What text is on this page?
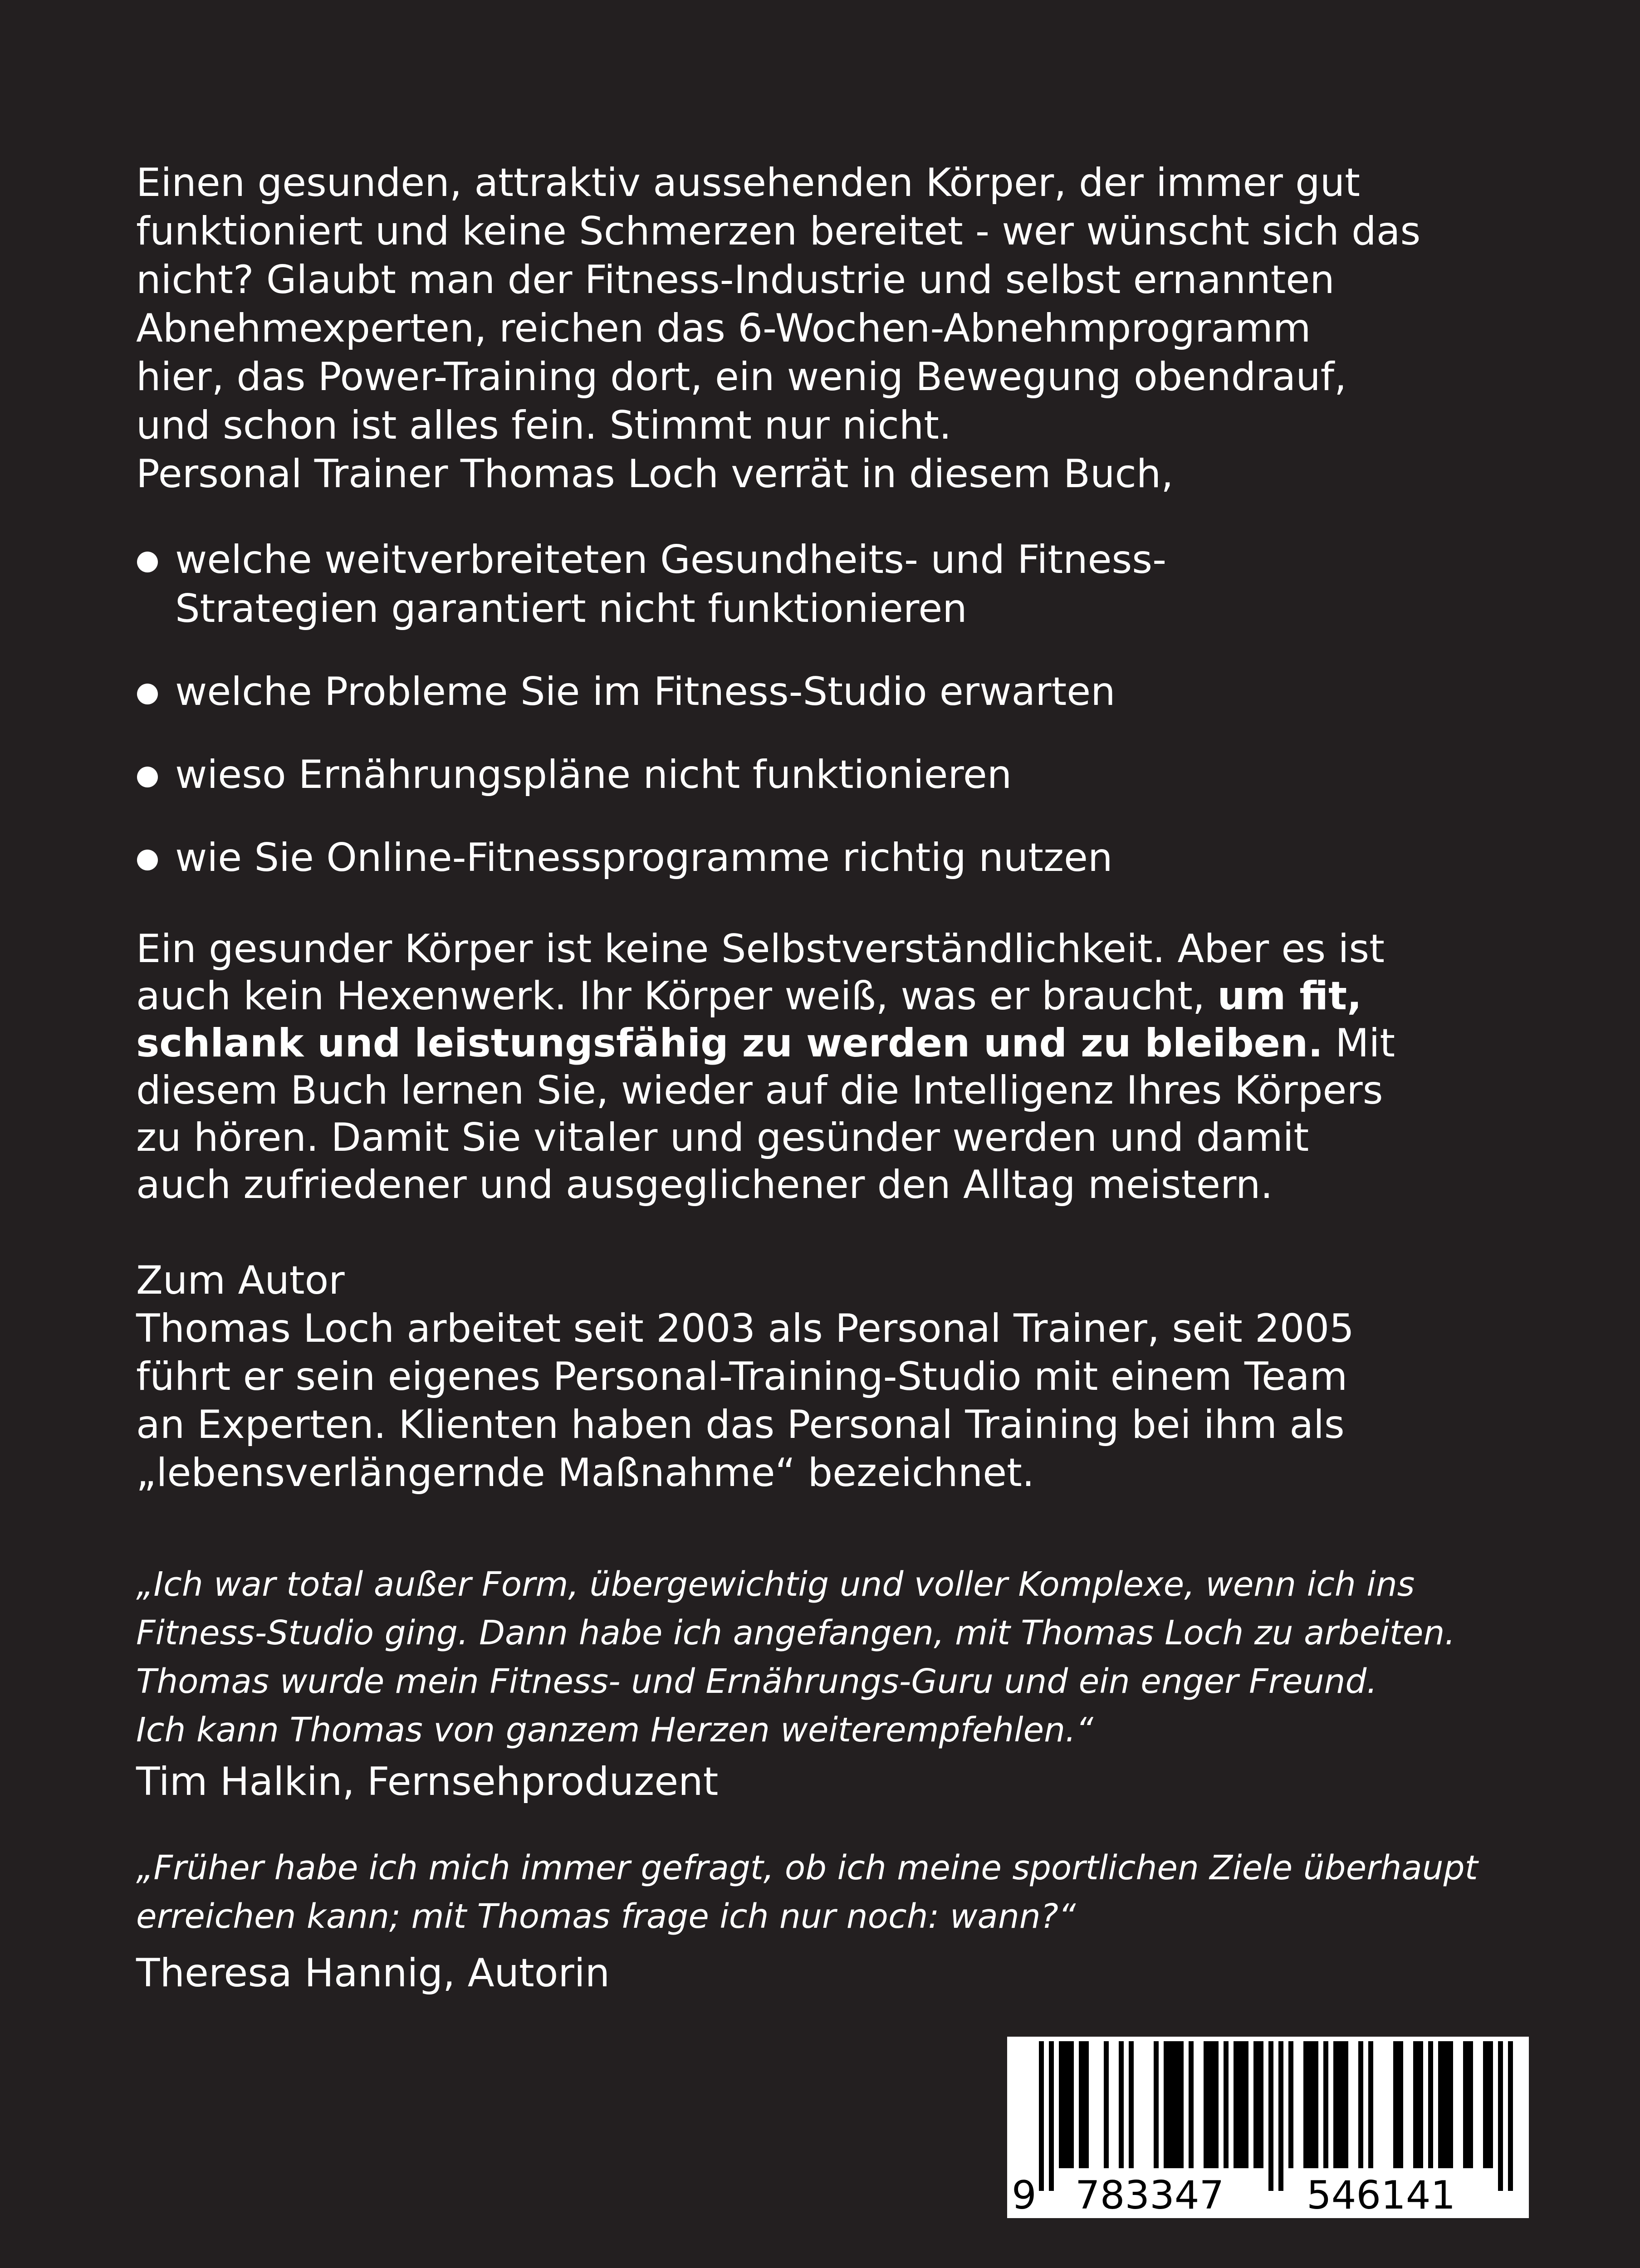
Einen gesunden, attraktiv aussehenden Körper, der immer gut
funktioniert und keine Schmerzen bereitet - wer wünscht sich das
nicht? Glaubt man der Fitness-Industrie und selbst ernannten
Abnehmexperten, reichen das 6-Wochen-Abnehmprogramm
hier, das Power-Training dort, ein wenig Bewegung obendrauf,
und schon ist alles fein. Stimmt nur nicht.
Personal Trainer Thomas Loch verrät in diesem Buch,
welche weitverbreiteten Gesundheits- und Fitness-
Strategien garantiert nicht funktionieren
welche Probleme Sie im Fitness-Studio erwarten
wieso Ernährungspläne nicht funktionieren
wie Sie Online-Fitnessprogramme richtig nutzen
Ein gesunder Körper ist keine Selbstverständlichkeit. Aber es ist
auch kein Hexenwerk. Ihr Körper weiß, was er braucht, um fit,
schlank und leistungsfähig zu werden und zu bleiben. Mit
diesem Buch lernen Sie, wieder auf die Intelligenz Ihres Körpers
zu hören. Damit Sie vitaler und gesünder werden und damit
auch zufriedener und ausgeglichener den Alltag meistern.
Zum Autor
Thomas Loch arbeitet seit 2003 als Personal Trainer, seit 2005
führt er sein eigenes Personal-Training-Studio mit einem Team
an Experten. Klienten haben das Personal Training bei ihm als
„lebensverlängernde Maßnahme“ bezeichnet.
„Ich war total außer Form, übergewichtig und voller Komplexe, wenn ich ins
Fitness-Studio ging. Dann habe ich angefangen, mit Thomas Loch zu arbeiten.
Thomas wurde mein Fitness- und Ernährungs-Guru und ein enger Freund.
Ich kann Thomas von ganzem Herzen weiterempfehlen.“
Tim Halkin, Fernsehproduzent
„Früher habe ich mich immer gefragt, ob ich meine sportlichen Ziele überhaupt
erreichen kann; mit Thomas frage ich nur noch: wann?“
Theresa Hannig, Autorin
9 783347 546141
